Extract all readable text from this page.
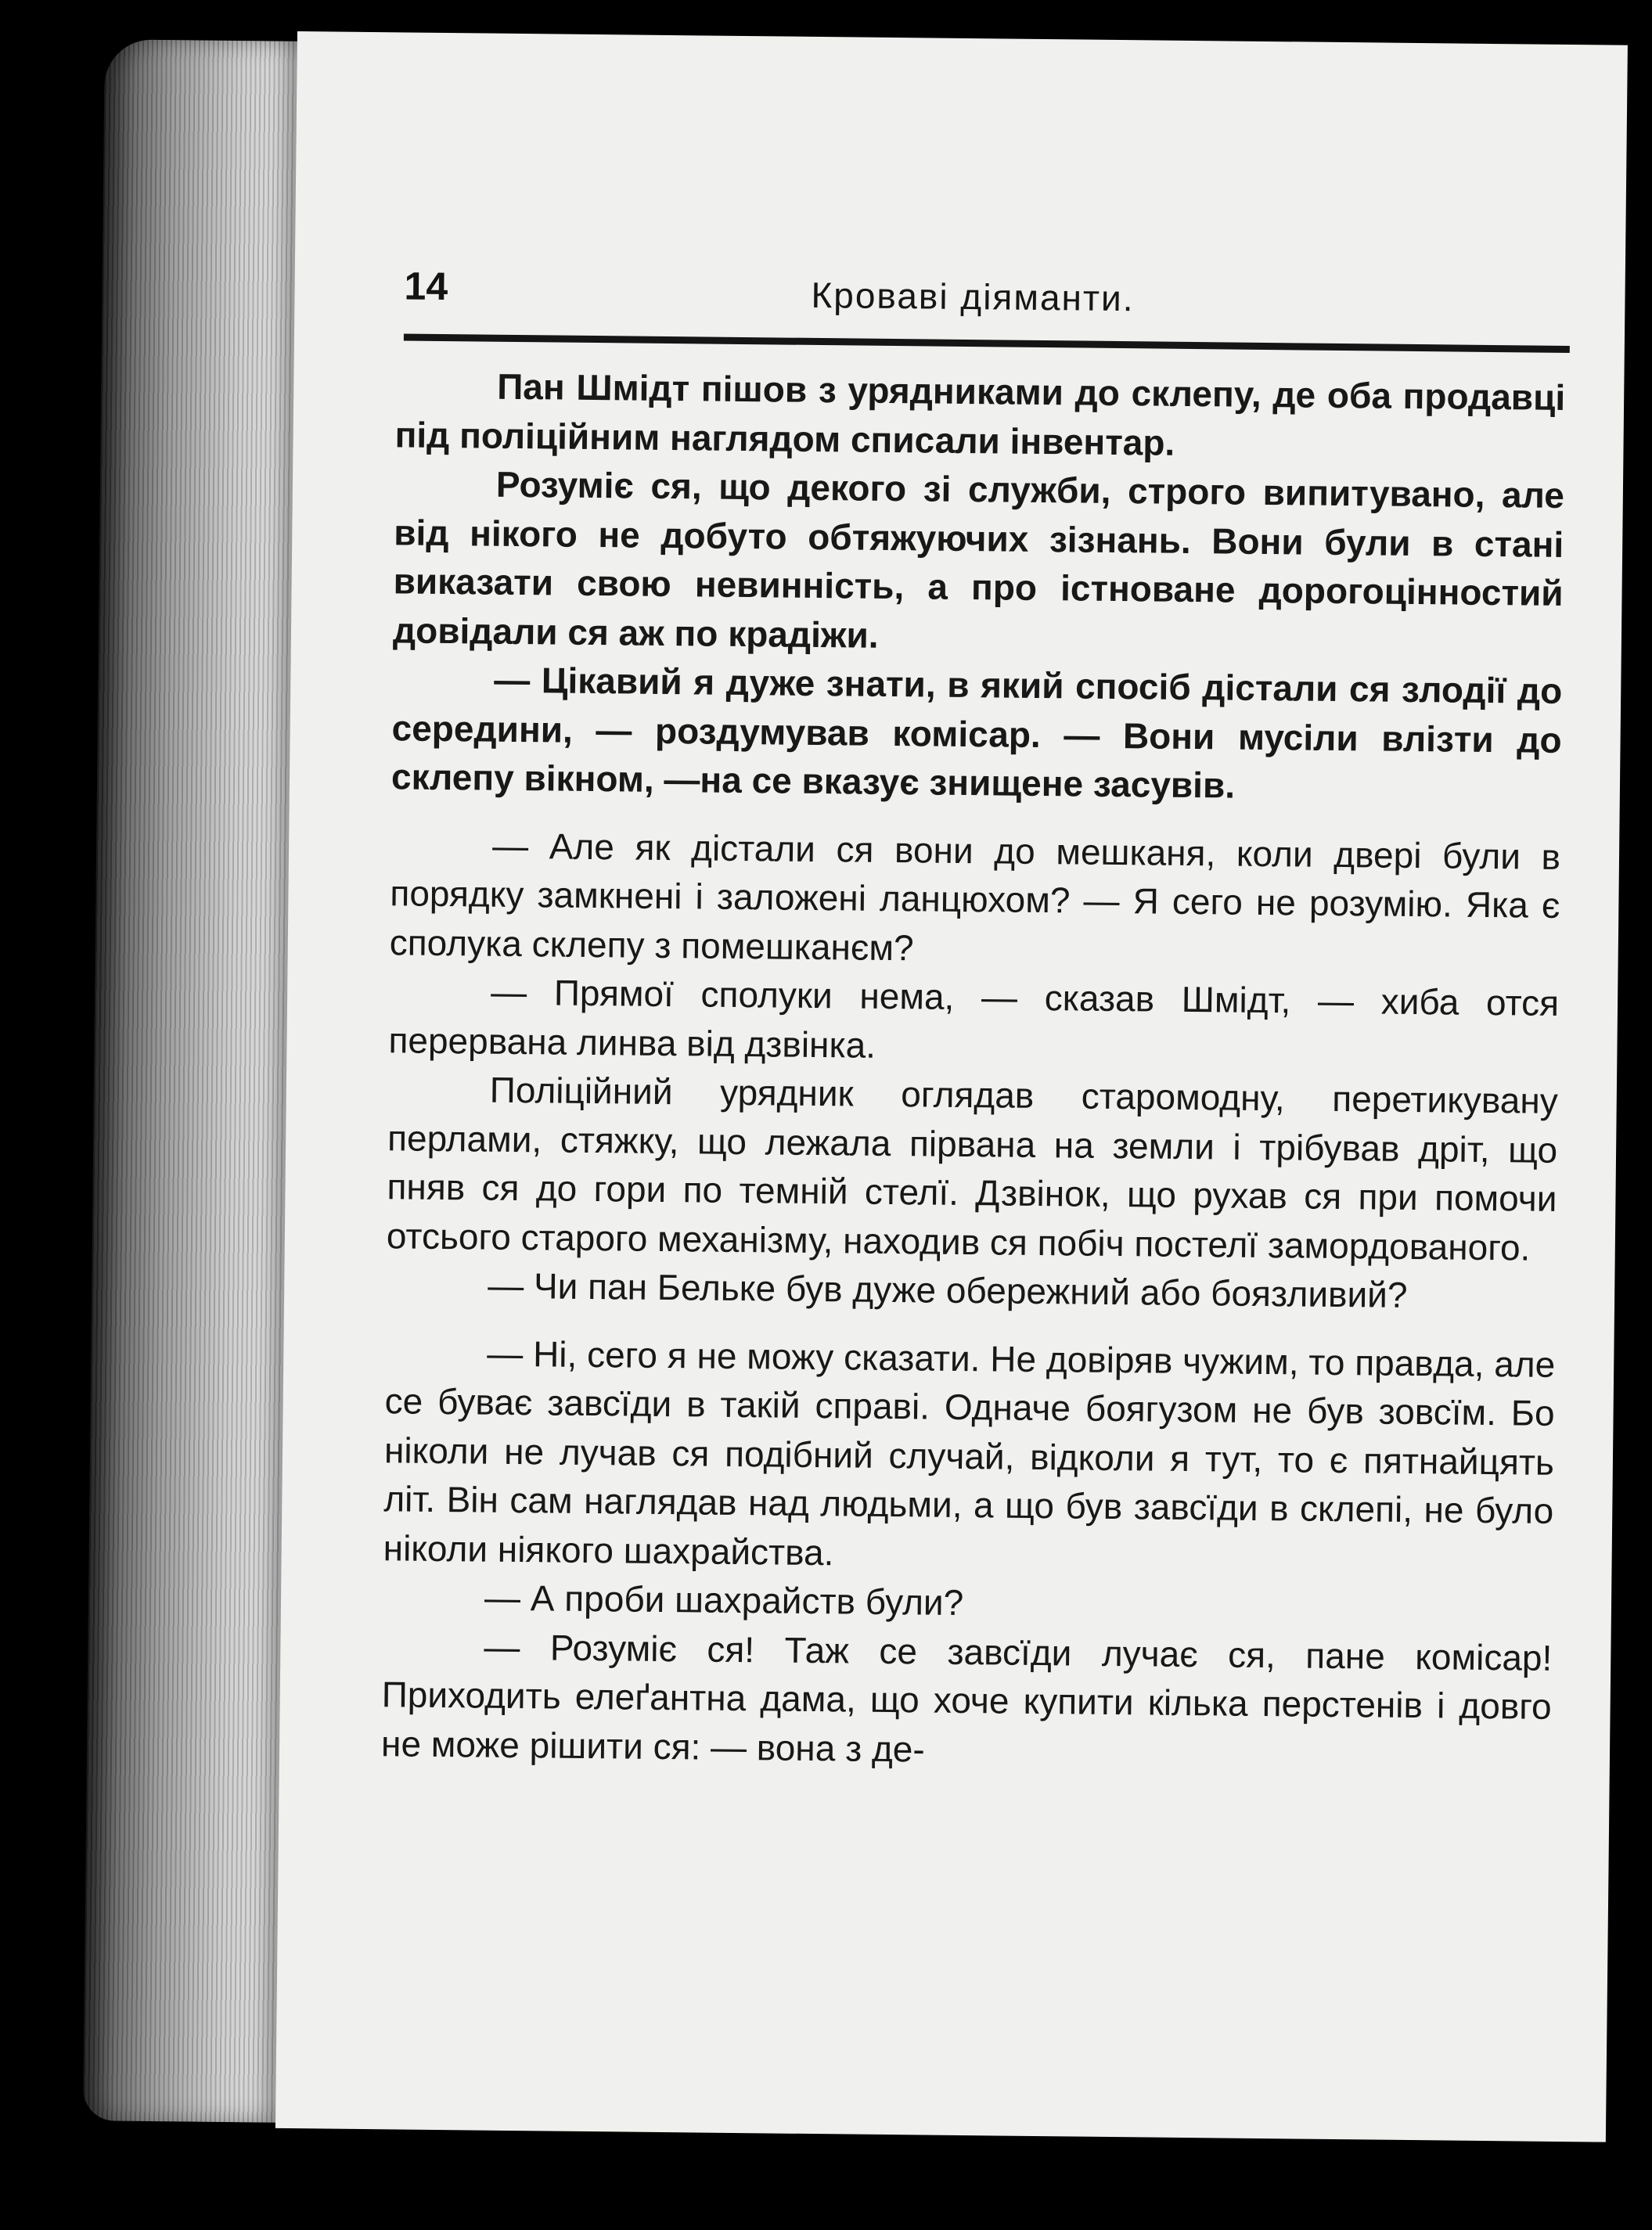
14	Кроваві діяманти.

Пан Шмідт пішов з урядниками до склепу, де оба продавці під поліційним наглядом списали інвентар.

Розуміє ся, що декого зі служби, строго випитувано, але від нікого не добуто обтяжуючих зізнань. Вони були в стані виказати свою невинність, а про істноване дорогоцінностий довідали ся аж по крадіжи.

— Цікавий я дуже знати, в який спосіб дістали ся злодії до середини, — роздумував комісар. — Вони мусіли влізти до склепу вікном, —на се вказує знищене засувів.

— Але як дістали ся вони до мешканя, коли двері були в порядку замкнені і заложені ланцюхом? — Я сего не розумію. Яка є сполука склепу з помешканєм?

— Прямої сполуки нема, — сказав Шмідт, — хиба отся перервана линва від дзвінка.

Поліційний урядник оглядав старомодну, перетикувану перлами, стяжку, що лежала пірвана на земли і трібував дріт, що пняв ся до гори по темній стелї. Дзвінок, що рухав ся при помочи отсього старого механізму, находив ся побіч постелї замордованого.

— Чи пан Бельке був дуже обережний або боязливий?

— Ні, сего я не можу сказати. Не довіряв чужим, то правда, але се буває завсїди в такій справі. Одначе боягузом не був зовсїм. Бо ніколи не лучав ся подібний случай, відколи я тут, то є пятнайцять літ. Він сам наглядав над людьми, а що був завсїди в склепі, не було ніколи ніякого шахрайства.

— А проби шахрайств були?

— Розуміє ся! Таж се завсїди лучає ся, пане комісар! Приходить елеґантна дама, що хоче купити кілька перстенів і довго не може рішити ся: — вона з де-
